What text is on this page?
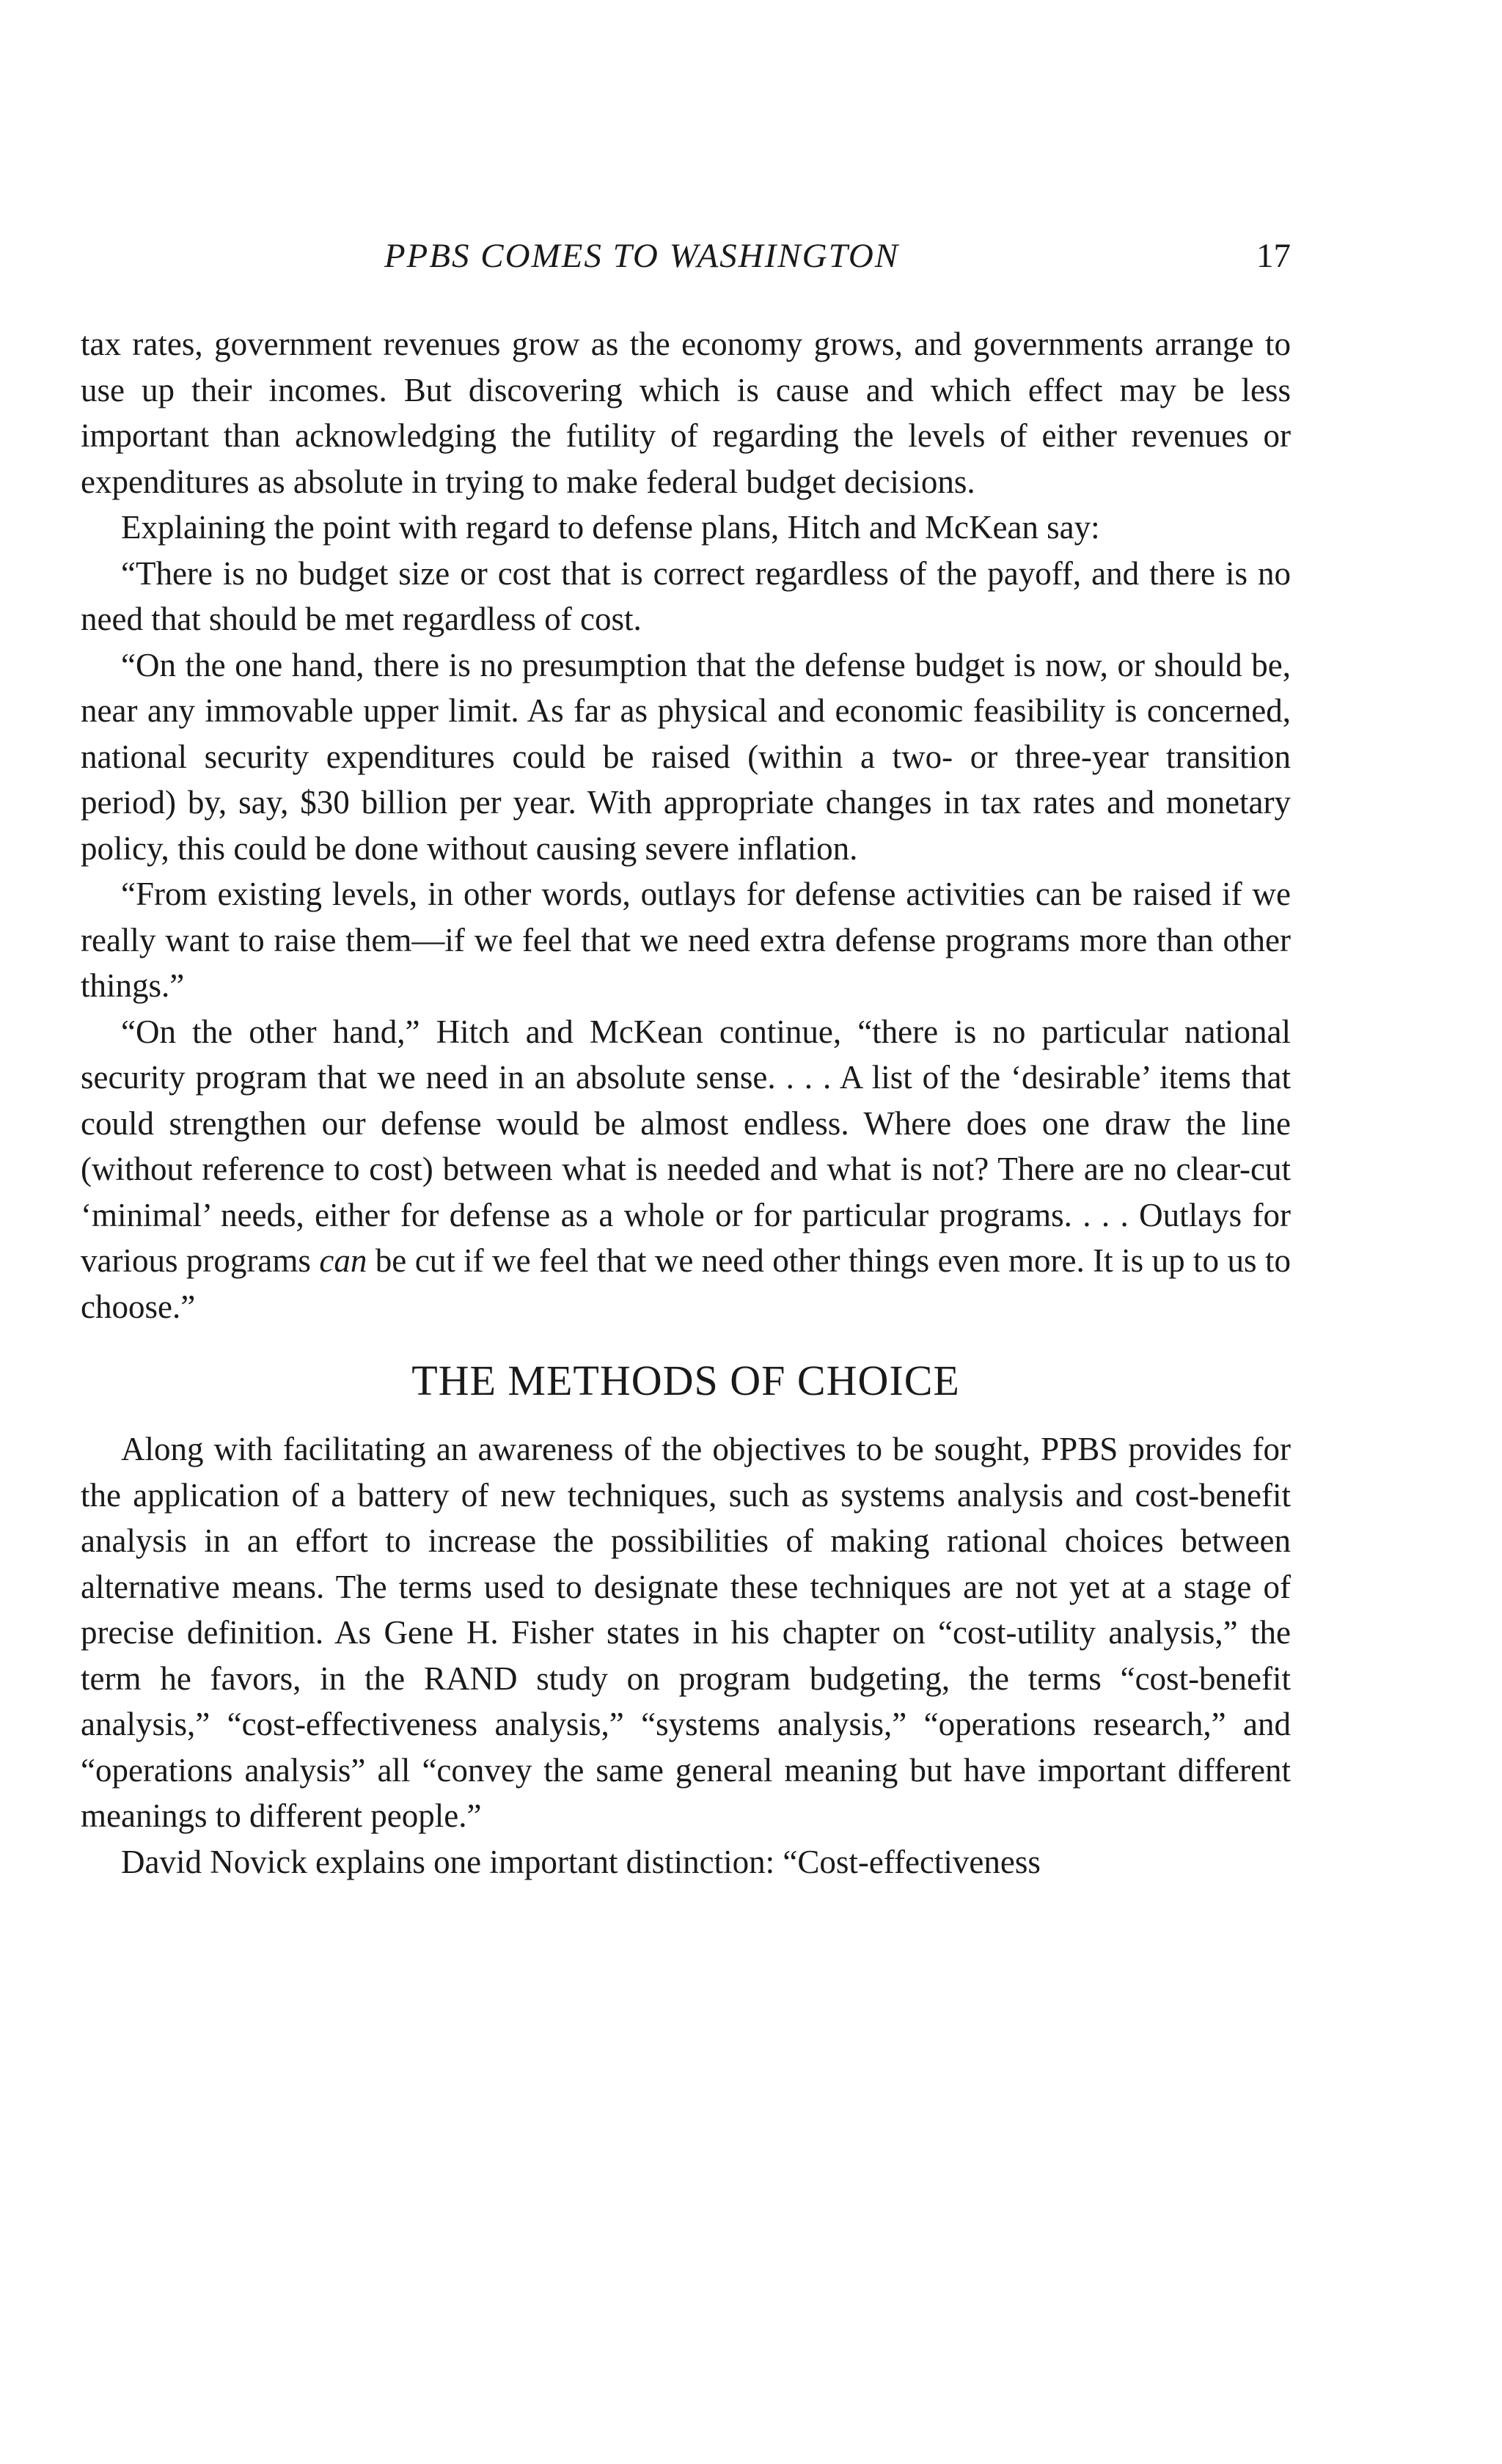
PPBS COMES TO WASHINGTON	17

tax rates, government revenues grow as the economy grows, and governments arrange to use up their incomes. But discovering which is cause and which effect may be less important than acknowledging the futility of regarding the levels of either revenues or expenditures as absolute in trying to make federal budget decisions.

Explaining the point with regard to defense plans, Hitch and McKean say:

“There is no budget size or cost that is correct regardless of the payoff, and there is no need that should be met regardless of cost.

“On the one hand, there is no presumption that the defense budget is now, or should be, near any immovable upper limit. As far as physical and economic feasibility is concerned, national security expenditures could be raised (within a two- or three-year transition period) by, say, $30 billion per year. With appropriate changes in tax rates and monetary policy, this could be done without causing severe inflation.

“From existing levels, in other words, outlays for defense activities can be raised if we really want to raise them—if we feel that we need extra defense programs more than other things.”

“On the other hand,” Hitch and McKean continue, “there is no particular national security program that we need in an absolute sense. . . . A list of the ‘desirable’ items that could strengthen our defense would be almost endless. Where does one draw the line (without reference to cost) between what is needed and what is not? There are no clear-cut ‘minimal’ needs, either for defense as a whole or for particular programs. . . . Outlays for various programs can be cut if we feel that we need other things even more. It is up to us to choose.”

THE METHODS OF CHOICE

Along with facilitating an awareness of the objectives to be sought, PPBS provides for the application of a battery of new techniques, such as systems analysis and cost-benefit analysis in an effort to increase the possibilities of making rational choices between alternative means. The terms used to designate these techniques are not yet at a stage of precise definition. As Gene H. Fisher states in his chapter on “cost-utility analysis,” the term he favors, in the RAND study on program budgeting, the terms “cost-benefit analysis,” “cost-effectiveness analysis,” “systems analysis,” “operations research,” and “operations analysis” all “convey the same general meaning but have important different meanings to different people.”

David Novick explains one important distinction: “Cost-effectiveness
